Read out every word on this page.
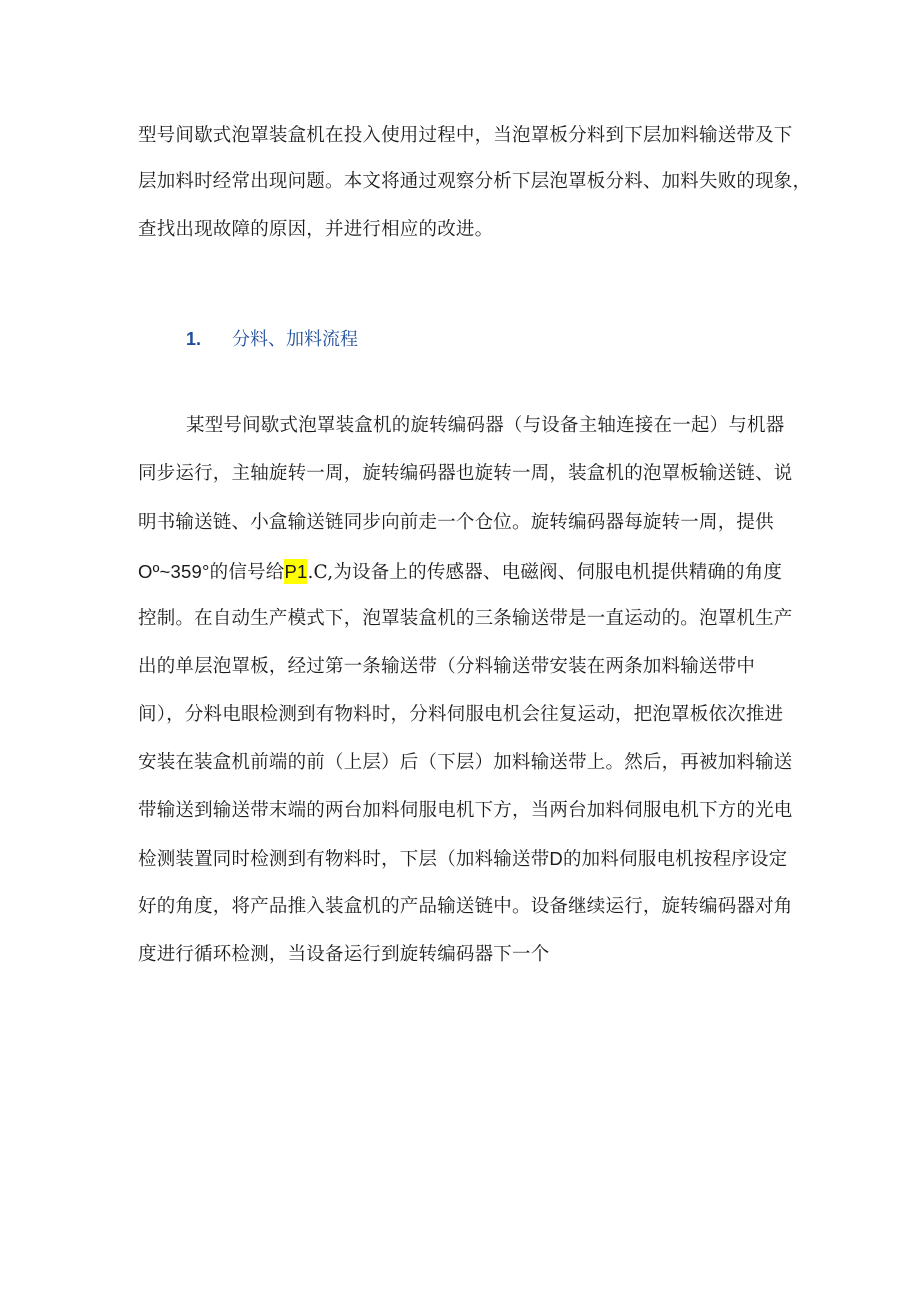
型号间歇式泡罩装盒机在投入使用过程中，当泡罩板分料到下层加料输送带及下
层加料时经常出现问题。本文将通过观察分析下层泡罩板分料、加料失败的现象，
查找出现故障的原因，并进行相应的改进。
1. 分料、加料流程
某型号间歇式泡罩装盒机的旋转编码器（与设备主轴连接在一起）与机器
同步运行，主轴旋转一周，旋转编码器也旋转一周，装盒机的泡罩板输送链、说
明书输送链、小盒输送链同步向前走一个仓位。旋转编码器每旋转一周，提供
Oº~359°的信号给P1.C,为设备上的传感器、电磁阀、伺服电机提供精确的角度
控制。在自动生产模式下，泡罩装盒机的三条输送带是一直运动的。泡罩机生产
出的单层泡罩板，经过第一条输送带（分料输送带安装在两条加料输送带中
间），分料电眼检测到有物料时，分料伺服电机会往复运动，把泡罩板依次推进
安装在装盒机前端的前（上层）后（下层）加料输送带上。然后，再被加料输送
带输送到输送带末端的两台加料伺服电机下方，当两台加料伺服电机下方的光电
检测装置同时检测到有物料时，下层（加料输送带D的加料伺服电机按程序设定
好的角度，将产品推入装盒机的产品输送链中。设备继续运行，旋转编码器对角
度进行循环检测，当设备运行到旋转编码器下一个
